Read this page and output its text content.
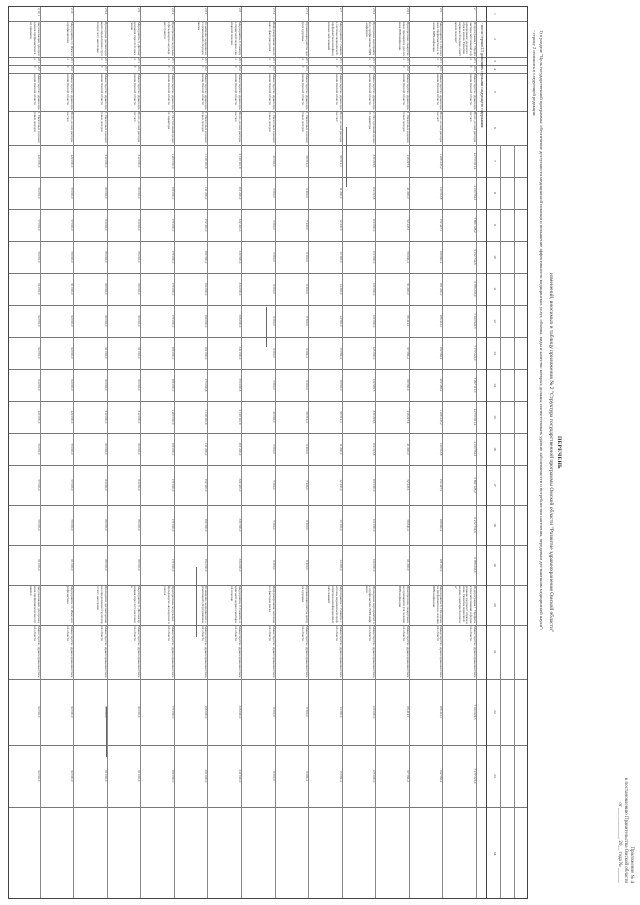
Приложение № 4
к постановлению Правительства Омской области
от ___ _________ 20__ года № ______
ПЕРЕЧЕНЬ
изменений, вносимых в таблицу приложения № 2 "Структура государственной программы Омской области "Развитие здравоохранения Омской области"
1) в разделе "Цель государственной программы: обеспечение доступности медицинской помощи и повышение эффективности медицинских услуг, объемы, виды и качество которых должны соответствовать уровню заболеваемости и потребностям населения, передовым достижениям медицинской науки":
- строку 2 изложить в следующей редакции:
1
2
3
4
5
6
7
8
9
10
11
12
13
14
15
16
17
18
19
20
21
22
23
24
- после строки 2.5 дополнить строками следующего содержания:
2
Подпрограмма 1 "Профилактика заболеваний и формирование здорового образа жизни. Развитие первичной медико-санитарной помощи"
2014
2020
Министерство здравоохранения Омской области
Всего, из них расходы за счет:
44 553 611,4
4 213 561,1
5 860 128,2
6 212 734,6
6 789 233,0
7 033 622,5
7 177 221,0
7 267 111,0
44 553 611,4
4 213 561,1
5 860 128,2
6 212 734,6
6 789 233,0
Подпрограмма 1 "Профилактика заболеваний и формирование здорового образа жизни. Развитие первичной медико-санитарной помощи"
Министерство здравоохранения Омской области
7 033 622,5
7 177 221,0
2.6
Мероприятие 6. Обеспечение профилактики и лечения ВИЧ-инфекции
2014
2020
Министерство здравоохранения Омской области
Всего, из них расходы за счет:
1 228 447,2
143 512,8
152 447,1
169 840,4
181 200,0
186 414,1
192 566,4
202 466,4
1 228 447,2
143 512,8
152 447,1
169 840,4
181 200,0
Мероприятие 6. Обеспечение профилактики и лечения ВИЧ-инфекции
Министерство здравоохранения Омской области
186 414,1
192 566,4
2.6.1
Приобретение лекарственных препаратов для лечения ВИЧ-инфекции
2014
2020
Министерство здравоохранения Омской области
1. Налоговых и неналоговых доходов
418 227,9
41 200,0
52 447,1
59 840,4
61 200,0
66 414,1
67 566,4
69 560,0
418 227,9
41 200,0
52 447,1
59 840,4
61 200,0
Приобретение лекарственных препаратов для лечения ВИЧ-инфекции
Министерство здравоохранения Омской области
66 414,1
67 566,4
2.6.2
Проведение мероприятий по профилактике ВИЧ-инфекции
2014
2020
Министерство здравоохранения Омской области
2. Поступлений целевого характера
810 219,3
102 312,8
100 000,0
110 000,0
120 000,0
120 000,0
125 000,0
132 906,5
810 219,3
102 312,8
100 000,0
110 000,0
120 000,0
Проведение мероприятий по профилактике ВИЧ-инфекции
Министерство здравоохранения Омской области
120 000,0
125 000,0
2.7
Мероприятие 7. Развитие системы медицинской профилактики неинфекционных заболеваний
2014
2020
Министерство здравоохранения Омской области
Всего, из них расходы за счет:
96 512,4
11 200,0
12 430,0
13 100,0
14 200,0
14 500,0
15 082,4
16 000,0
96 512,4
11 200,0
12 430,0
13 100,0
14 200,0
Мероприятие 7. Развитие системы медицинской профилактики неинфекционных заболеваний
Министерство здравоохранения Омской области
14 500,0
15 082,4
2.7.1
Организация работы центров здоровья
2014
2020
Министерство здравоохранения Омской области
1. Налоговых и неналоговых доходов
56 512,4
6 200,0
7 430,0
8 100,0
8 200,0
8 500,0
9 082,4
9 000,0
56 512,4
6 200,0
7 430,0
8 100,0
8 200,0
Организация работы центров здоровья
Министерство здравоохранения Омской области
8 500,0
9 082,4
2.7.2
Информирование населения о факторах риска
2014
2020
Министерство здравоохранения Омской области
1. Налоговых и неналоговых доходов
40 000,0
5 000,0
5 000,0
5 000,0
6 000,0
6 000,0
6 000,0
7 000,0
40 000,0
5 000,0
5 000,0
5 000,0
6 000,0
Информирование населения о факторах риска
Министерство здравоохранения Омской области
6 000,0
6 000,0
2.8
Мероприятие 8. Развитие первичной медико-санитарной помощи
2014
2020
Министерство здравоохранения Омской области
Всего, из них расходы за счет:
2 318 110,8
301 200,0
322 410,0
330 500,0
334 000,0
336 000,0
341 000,0
353 000,8
2 318 110,8
301 200,0
322 410,0
330 500,0
334 000,0
Мероприятие 8. Развитие первичной медико-санитарной помощи
Министерство здравоохранения Омской области
336 000,0
341 000,0
2.8.1
Оснащение медицинских организаций оборудованием
2014
2020
Министерство здравоохранения Омской области
1. Налоговых и неналоговых доходов
1 118 110,8
141 200,0
152 410,0
160 500,0
164 000,0
166 000,0
161 000,0
173 000,8
1 118 110,8
141 200,0
152 410,0
160 500,0
164 000,0
Оснащение медицинских организаций оборудованием
Министерство здравоохранения Омской области
166 000,0
161 000,0
2.8.2
Приобретение модульных фельдшерско-акушерских пунктов
2014
2020
Министерство здравоохранения Омской области
2. Поступлений целевого характера
1 200 000,0
160 000,0
170 000,0
170 000,0
170 000,0
170 000,0
180 000,0
180 000,0
1 200 000,0
160 000,0
170 000,0
170 000,0
170 000,0
Приобретение модульных фельдшерско-акушерских пунктов
Министерство здравоохранения Омской области
170 000,0
180 000,0
2.9
Мероприятие 9. Диспансеризация взрослого населения
2014
2020
Министерство здравоохранения Омской области
Всего, из них расходы за счет:
612 000,0
80 000,0
84 000,0
86 000,0
88 000,0
90 000,0
91 000,0
93 000,0
612 000,0
80 000,0
84 000,0
86 000,0
88 000,0
Мероприятие 9. Диспансеризация взрослого населения
Министерство здравоохранения Омской области
90 000,0
91 000,0
2.9.1
Проведение диспансеризации определенных групп взрослого населения
2014
2020
Министерство здравоохранения Омской области
1. Налоговых и неналоговых доходов
612 000,0
80 000,0
84 000,0
86 000,0
88 000,0
90 000,0
91 000,0
93 000,0
612 000,0
80 000,0
84 000,0
86 000,0
88 000,0
Проведение диспансеризации определенных групп взрослого населения
Министерство здравоохранения Омской области
90 000,0
91 000,0
2.10
Мероприятие 10. Иммунопрофилактика
2014
2020
Министерство здравоохранения Омской области
Всего, из них расходы за счет:
420 000,0
55 000,0
57 000,0
59 000,0
61 000,0
62 000,0
62 000,0
64 000,0
420 000,0
55 000,0
57 000,0
59 000,0
61 000,0
Мероприятие 10. Иммунопрофилактика
Министерство здравоохранения Омской области
62 000,0
62 000,0
2.10.1
Закупка вакцин для проведения профилактических прививок
2014
2020
Министерство здравоохранения Омской области
1. Налоговых и неналоговых доходов
420 000,0
55 000,0
57 000,0
59 000,0
61 000,0
62 000,0
62 000,0
64 000,0
420 000,0
55 000,0
57 000,0
59 000,0
61 000,0
Закупка вакцин для проведения профилактических прививок
Министерство здравоохранения Омской области
62 000,0
62 000,0
